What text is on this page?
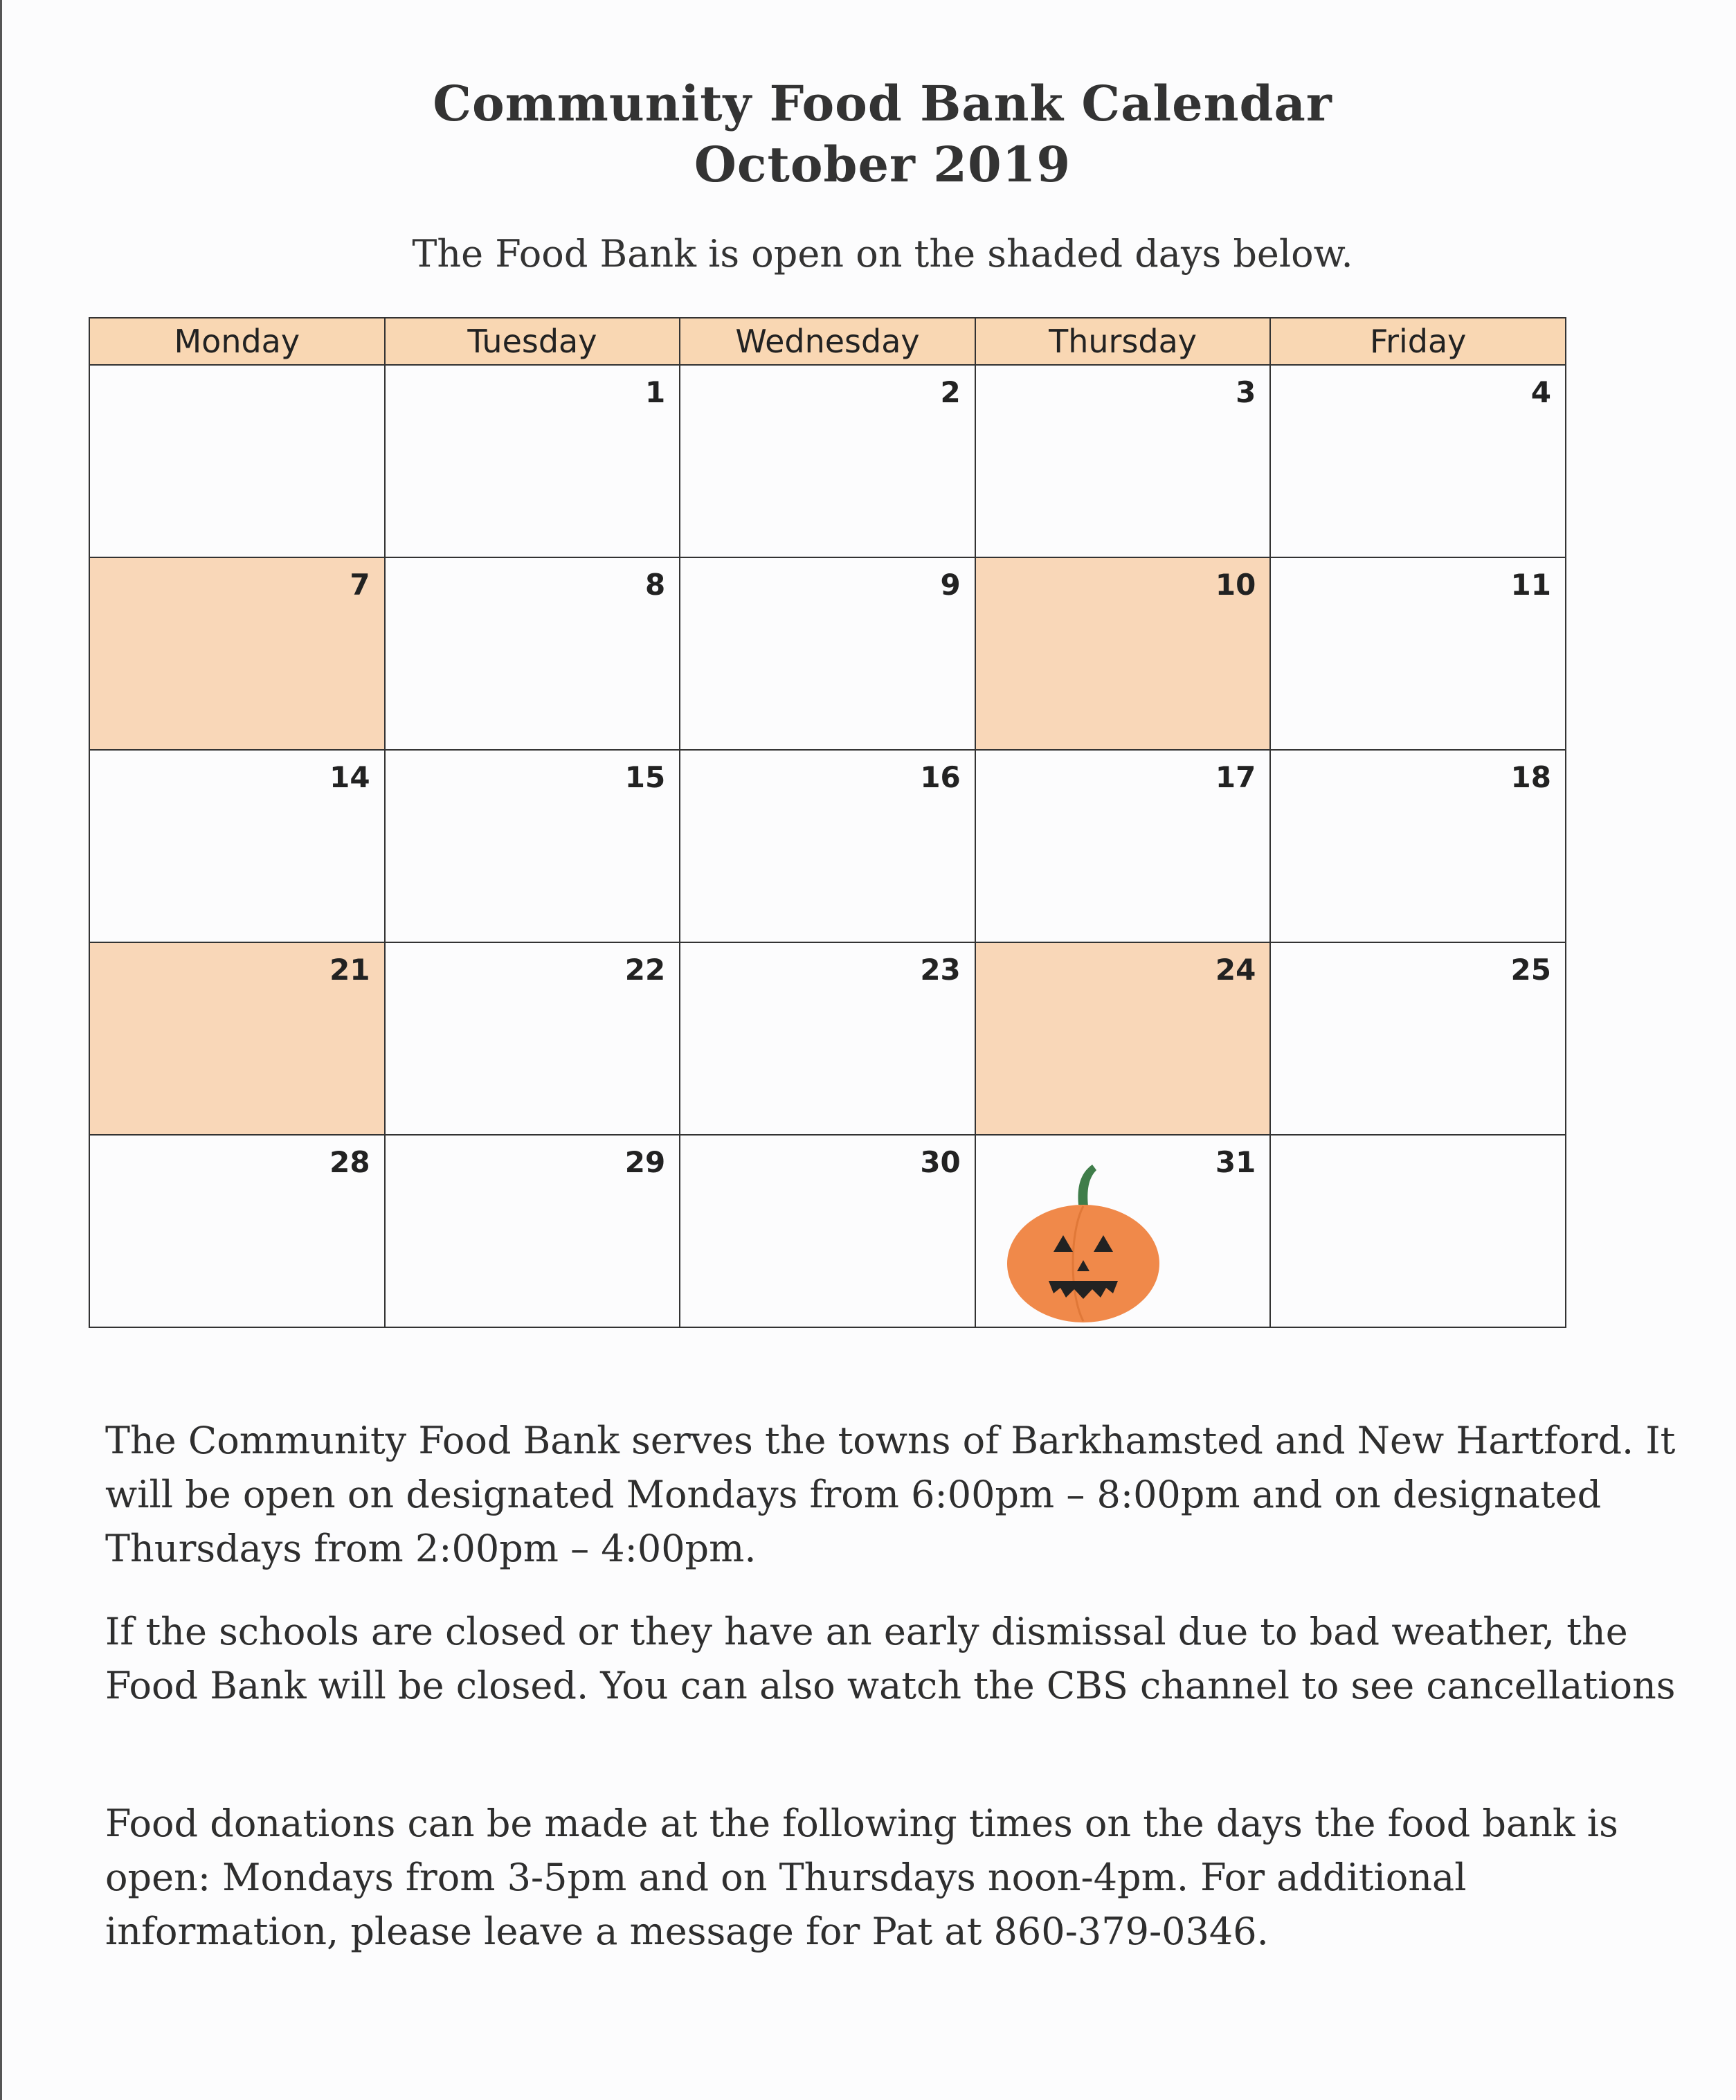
Community Food Bank Calendar
October 2019
The Food Bank is open on the shaded days below.
Monday	Tuesday	Wednesday	Thursday	Friday

	1	2	3	4

7	8	9	10	11

14	15	16	17	18

21	22	23	24	25

28	29	30	31	

The Community Food Bank serves the towns of Barkhamsted and New Hartford. It will be open on designated Mondays from 6:00pm – 8:00pm and on designated Thursdays from 2:00pm – 4:00pm.

If the schools are closed or they have an early dismissal due to bad weather, the Food Bank will be closed. You can also watch the CBS channel to see cancellations

Food donations can be made at the following times on the days the food bank is open: Mondays from 3-5pm and on Thursdays noon-4pm. For additional information, please leave a message for Pat at 860-379-0346.
